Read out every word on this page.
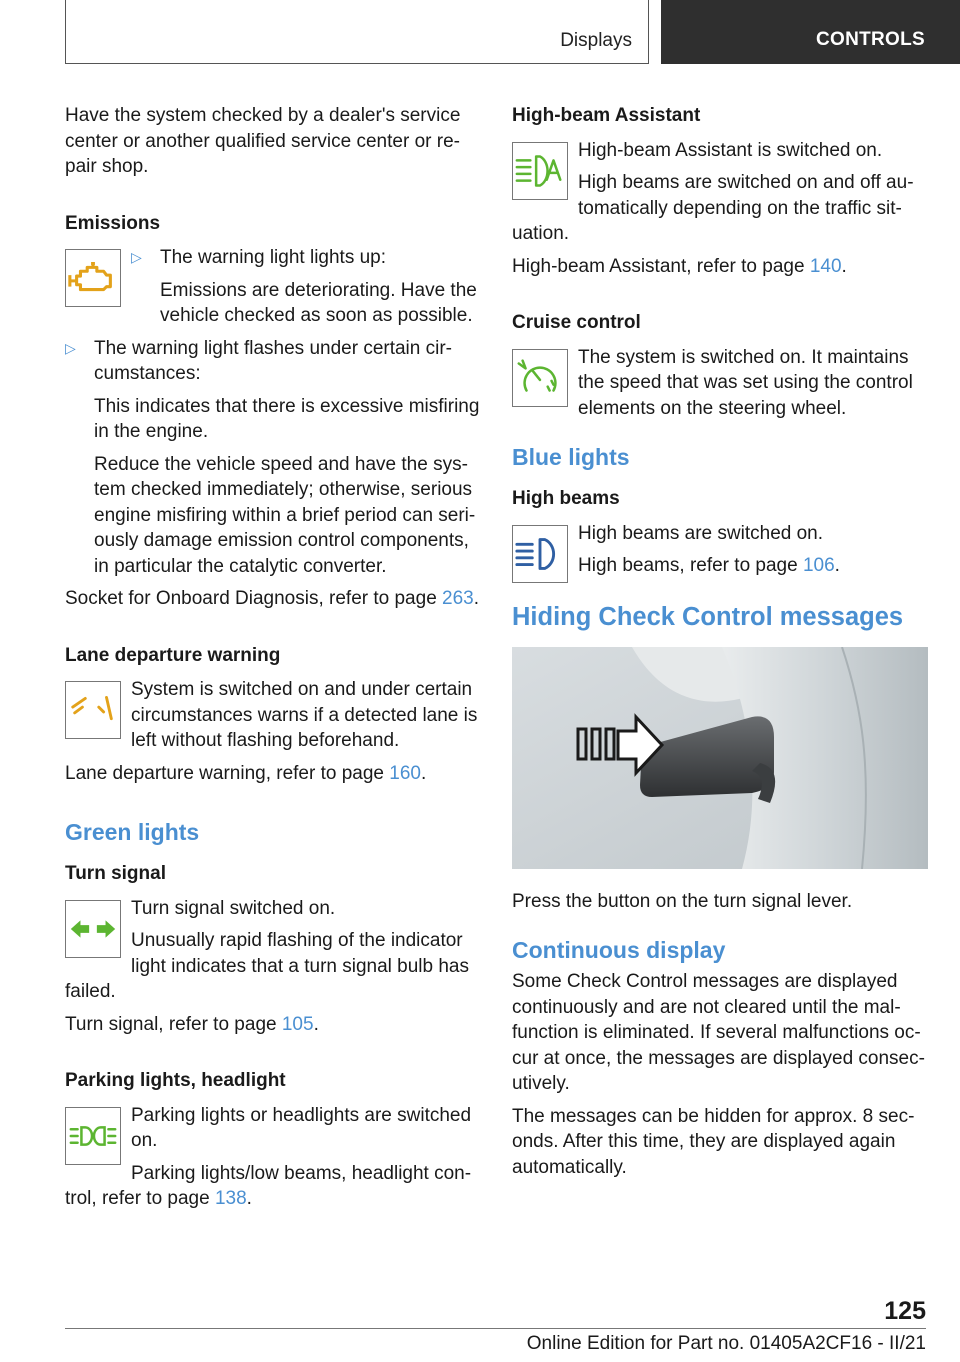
Displays	CONTROLS

Have the system checked by a dealer's service center or another qualified service center or re-pair shop.

Emissions

▷ The warning light lights up:

Emissions are deteriorating. Have the vehicle checked as soon as possible.

▷ The warning light flashes under certain cir-cumstances:

This indicates that there is excessive misfiring in the engine.

Reduce the vehicle speed and have the sys-tem checked immediately; otherwise, serious engine misfiring within a brief period can seri-ously damage emission control components, in particular the catalytic converter.

Socket for Onboard Diagnosis, refer to page 263.

Lane departure warning

System is switched on and under certain circumstances warns if a detected lane is left without flashing beforehand.

Lane departure warning, refer to page 160.

Green lights

Turn signal

Turn signal switched on.

Unusually rapid flashing of the indicator light indicates that a turn signal bulb has failed.

Turn signal, refer to page 105.

Parking lights, headlight

Parking lights or headlights are switched on.

Parking lights/low beams, headlight con-trol, refer to page 138.

High-beam Assistant

High-beam Assistant is switched on.

High beams are switched on and off au-tomatically depending on the traffic sit-uation.

High-beam Assistant, refer to page 140.

Cruise control

The system is switched on. It maintains the speed that was set using the control elements on the steering wheel.

Blue lights

High beams

High beams are switched on.

High beams, refer to page 106.

Hiding Check Control messages

Press the button on the turn signal lever.

Continuous display

Some Check Control messages are displayed continuously and are not cleared until the mal-function is eliminated. If several malfunctions oc-cur at once, the messages are displayed consec-utively.

The messages can be hidden for approx. 8 sec-onds. After this time, they are displayed again automatically.

125
Online Edition for Part no. 01405A2CF16 - II/21
